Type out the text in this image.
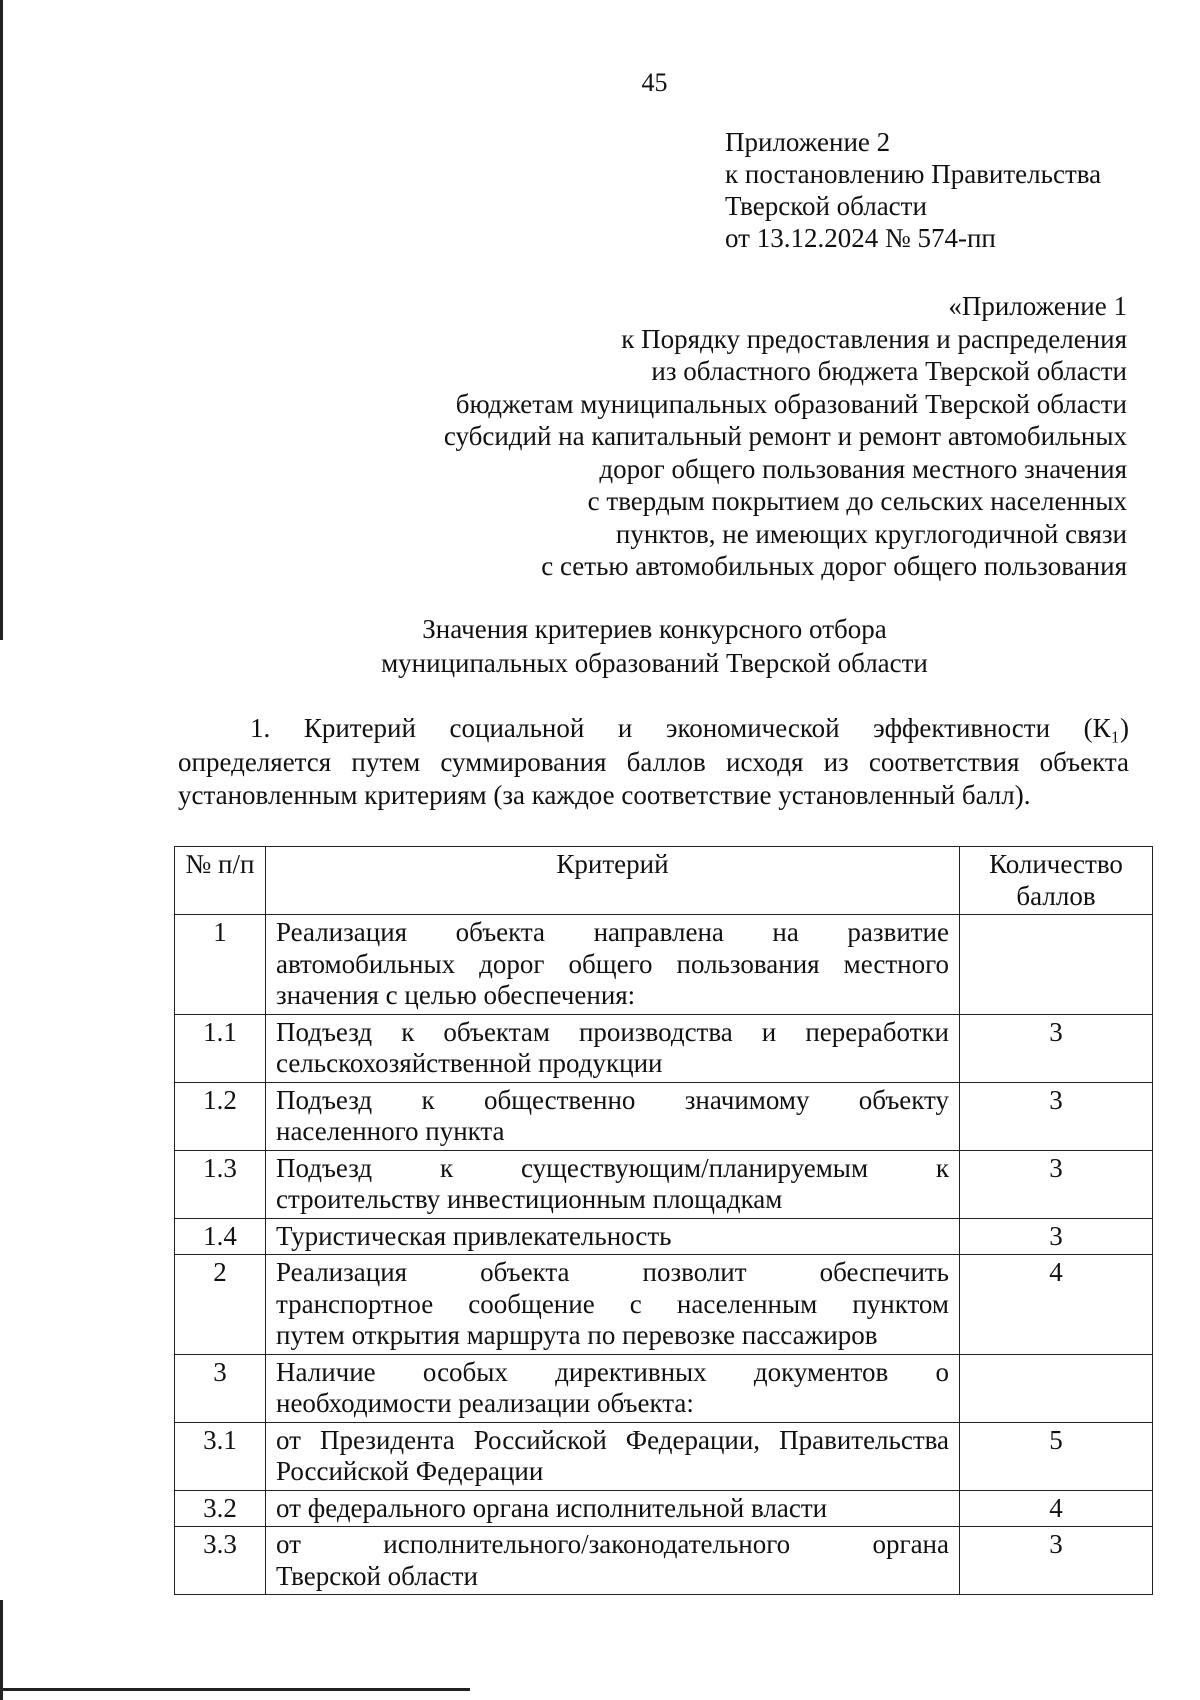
45
Приложение 2
к постановлению Правительства
Тверской области
от 13.12.2024 № 574-пп
«Приложение 1
к Порядку предоставления и распределения
из областного бюджета Тверской области
бюджетам муниципальных образований Тверской области
субсидий на капитальный ремонт и ремонт автомобильных
дорог общего пользования местного значения
с твердым покрытием до сельских населенных
пунктов, не имеющих круглогодичной связи
с сетью автомобильных дорог общего пользования
Значения критериев конкурсного отбора
муниципальных образований Тверской области
1. Критерий социальной и экономической эффективности (К₁)
определяется путем суммирования баллов исходя из соответствия объекта
установленным критериям (за каждое соответствие установленный балл).
№ п/п	Критерий	Количество баллов
1	Реализация объекта направлена на развитие
автомобильных дорог общего пользования местного
значения с целью обеспечения:	

1.1	Подъезд к объектам производства и переработки
сельскохозяйственной продукции	3
1.2	Подъезд к общественно значимому объекту
населенного пункта	3
1.3	Подъезд к существующим/планируемым к
строительству инвестиционным площадкам	3
1.4	Туристическая привлекательность	3
2	Реализация объекта позволит обеспечить
транспортное сообщение с населенным пунктом
путем открытия маршрута по перевозке пассажиров	4
3	Наличие особых директивных документов о
необходимости реализации объекта:	

3.1	от Президента Российской Федерации, Правительства Российской Федерации	5
3.2	от федерального органа исполнительной власти	4
3.3	от исполнительного/законодательного органа
Тверской области	3
